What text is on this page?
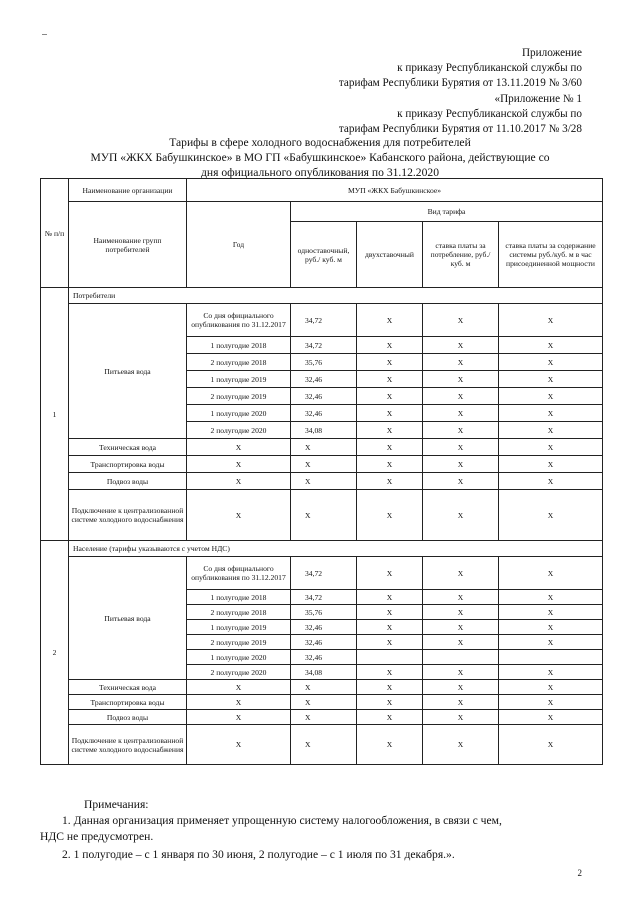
Приложение
к приказу Республиканской службы по
тарифам Республики Бурятия от 13.11.2019 № 3/60
«Приложение № 1
к приказу Республиканской службы по
тарифам Республики Бурятия от 11.10.2017 № 3/28
Тарифы в сфере холодного водоснабжения для потребителей
МУП «ЖКХ Бабушкинское» в МО ГП «Бабушкинское» Кабанского района, действующие со
дня официального опубликования по 31.12.2020
№ п/п	Наименование организации	МУП «ЖКХ Бабушкинское»				
	Наименование групп потребителей	Год	Вид тарифа			
			одноставочный, руб./ куб. м	двухставочный	ставка платы за потребление, руб./ куб. м	ставка платы за содержание системы руб./куб. м в час присоединенной мощности
1	Потребители					
	Питьевая вода	Со дня официального опубликования по 31.12.2017	34,72	Х	Х	Х
		1 полугодие 2018	34,72	Х	Х	Х
		2 полугодие 2018	35,76	Х	Х	Х
		1 полугодие 2019	32,46	Х	Х	Х
		2 полугодие 2019	32,46	Х	Х	Х
		1 полугодие 2020	32,46	Х	Х	Х
		2 полугодие 2020	34,08	Х	Х	Х
	Техническая вода	Х	Х	Х	Х	Х
	Транспортировка воды	Х	Х	Х	Х	Х
	Подвоз воды	Х	Х	Х	Х	Х
	Подключение к централизованной системе холодного водоснабжения	Х	Х	Х	Х	Х
2	Население (тарифы указываются с учетом НДС)					
	Питьевая вода	Со дня официального опубликования по 31.12.2017	34,72	Х	Х	Х
		1 полугодие 2018	34,72	Х	Х	Х
		2 полугодие 2018	35,76	Х	Х	Х
		1 полугодие 2019	32,46	Х	Х	Х
		2 полугодие 2019	32,46	Х	Х	Х
		1 полугодие 2020	32,46			
		2 полугодие 2020	34,08	Х	Х	Х
	Техническая вода	Х	Х	Х	Х	Х
	Транспортировка воды	Х	Х	Х	Х	Х
	Подвоз воды	Х	Х	Х	Х	Х
	Подключение к централизованной системе холодного водоснабжения	Х	Х	Х	Х	Х
Примечания:
1. Данная организация применяет упрощенную систему налогообложения, в связи с чем,
НДС не предусмотрен.
2. 1 полугодие – с 1 января по 30 июня, 2 полугодие – с 1 июля по 31 декабря.».
2
